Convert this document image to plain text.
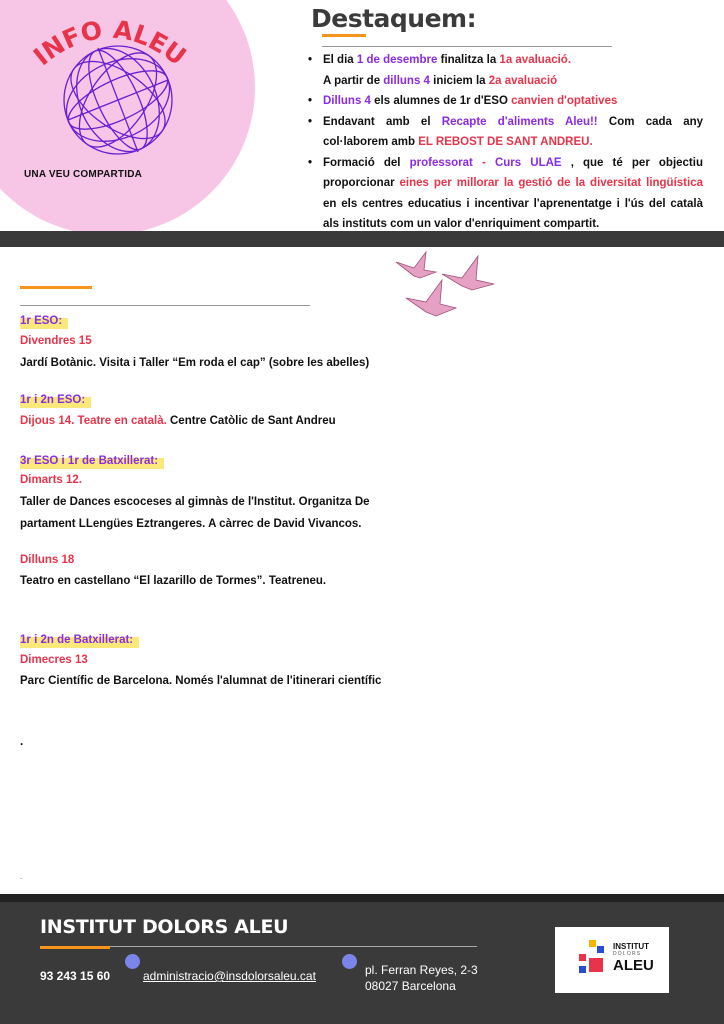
INFO ALEU
UNA VEU COMPARTIDA
Destaquem:
• El dia 1 de desembre finalitza la 1a avaluació.
A partir de dilluns 4 iniciem la 2a avaluació
• Dilluns 4 els alumnes de 1r d'ESO canvien d'optatives
• Endavant amb el Recapte d'aliments Aleu!! Com cada any col·laborem amb EL REBOST DE SANT ANDREU.
• Formació del professorat - Curs ULAE , que té per objectiu proporcionar eines per millorar la gestió de la diversitat lingüística en els centres educatius i incentivar l'aprenentatge i l'ús del català als instituts com un valor d'enriquiment compartit.
1r ESO:
Divendres 15
Jardí Botànic. Visita i Taller “Em roda el cap” (sobre les abelles)
1r i 2n ESO:
Dijous 14. Teatre en català. Centre Catòlic de Sant Andreu
3r ESO i 1r de Batxillerat:
Dimarts 12.
Taller de Dances escoceses al gimnàs de l'Institut. Organitza De
partament LLengües Eztrangeres. A càrrec de David Vivancos.
Dilluns 18
Teatro en castellano “El lazarillo de Tormes”. Teatreneu.
1r i 2n de Batxillerat:
Dimecres 13
Parc Científic de Barcelona. Només l'alumnat de l'itinerari científic
.
.
INSTITUT DOLORS ALEU
93 243 15 60	administracio@insdolorsaleu.cat	pl. Ferran Reyes, 2-3
08027 Barcelona
INSTITUT
DOLORS
ALEU
